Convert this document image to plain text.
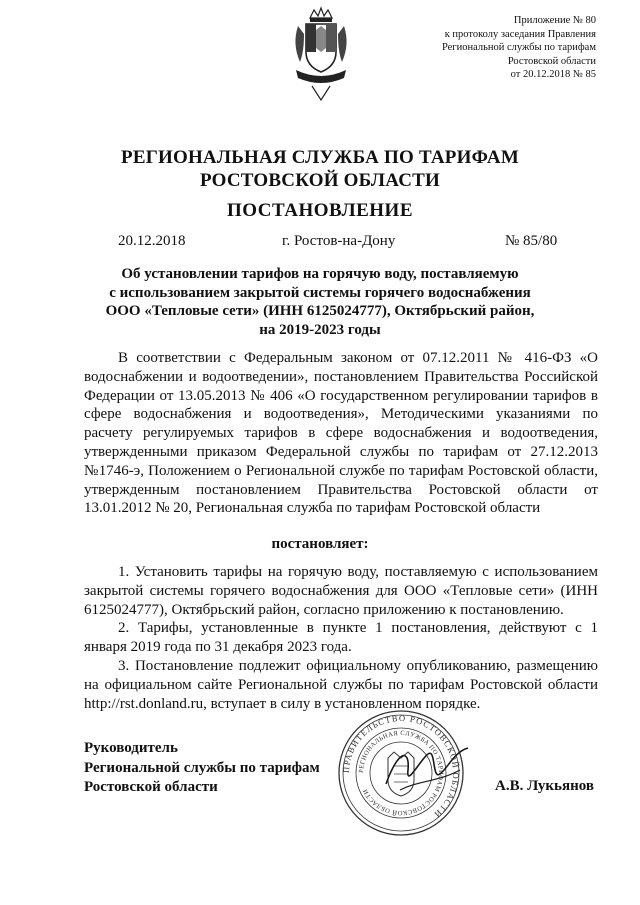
Приложение № 80
к протоколу заседания Правления
Региональной службы по тарифам
Ростовской области
от 20.12.2018 № 85
РЕГИОНАЛЬНАЯ СЛУЖБА ПО ТАРИФАМ
РОСТОВСКОЙ ОБЛАСТИ
ПОСТАНОВЛЕНИЕ
20.12.2018	г. Ростов-на-Дону	№ 85/80
Об установлении тарифов на горячую воду, поставляемую
с использованием закрытой системы горячего водоснабжения
ООО «Тепловые сети» (ИНН 6125024777), Октябрьский район,
на 2019-2023 годы

В соответствии с Федеральным законом от 07.12.2011 № 416-ФЗ «О водоснабжении и водоотведении», постановлением Правительства Российской Федерации от 13.05.2013 № 406 «О государственном регулировании тарифов в сфере водоснабжения и водоотведения», Методическими указаниями по расчету регулируемых тарифов в сфере водоснабжения и водоотведения, утвержденными приказом Федеральной службы по тарифам от 27.12.2013 №1746-э, Положением о Региональной службе по тарифам Ростовской области, утвержденным постановлением Правительства Ростовской области от 13.01.2012 № 20, Региональная служба по тарифам Ростовской области

постановляет:

1. Установить тарифы на горячую воду, поставляемую с использованием закрытой системы горячего водоснабжения для ООО «Тепловые сети» (ИНН 6125024777), Октябрьский район, согласно приложению к постановлению.

2. Тарифы, установленные в пункте 1 постановления, действуют с 1 января 2019 года по 31 декабря 2023 года.

3. Постановление подлежит официальному опубликованию, размещению на официальном сайте Региональной службы по тарифам Ростовской области http://rst.donland.ru, вступает в силу в установленном порядке.

Руководитель
Региональной службы по тарифам
Ростовской области
ПРАВИТЕЛЬСТВО РОСТОВСКОЙ ОБЛАСТИ
РЕГИОНАЛЬНАЯ СЛУЖБА ПО ТАРИФАМ РОСТОВСКОЙ ОБЛАСТИ	А.В. Лукьянов
